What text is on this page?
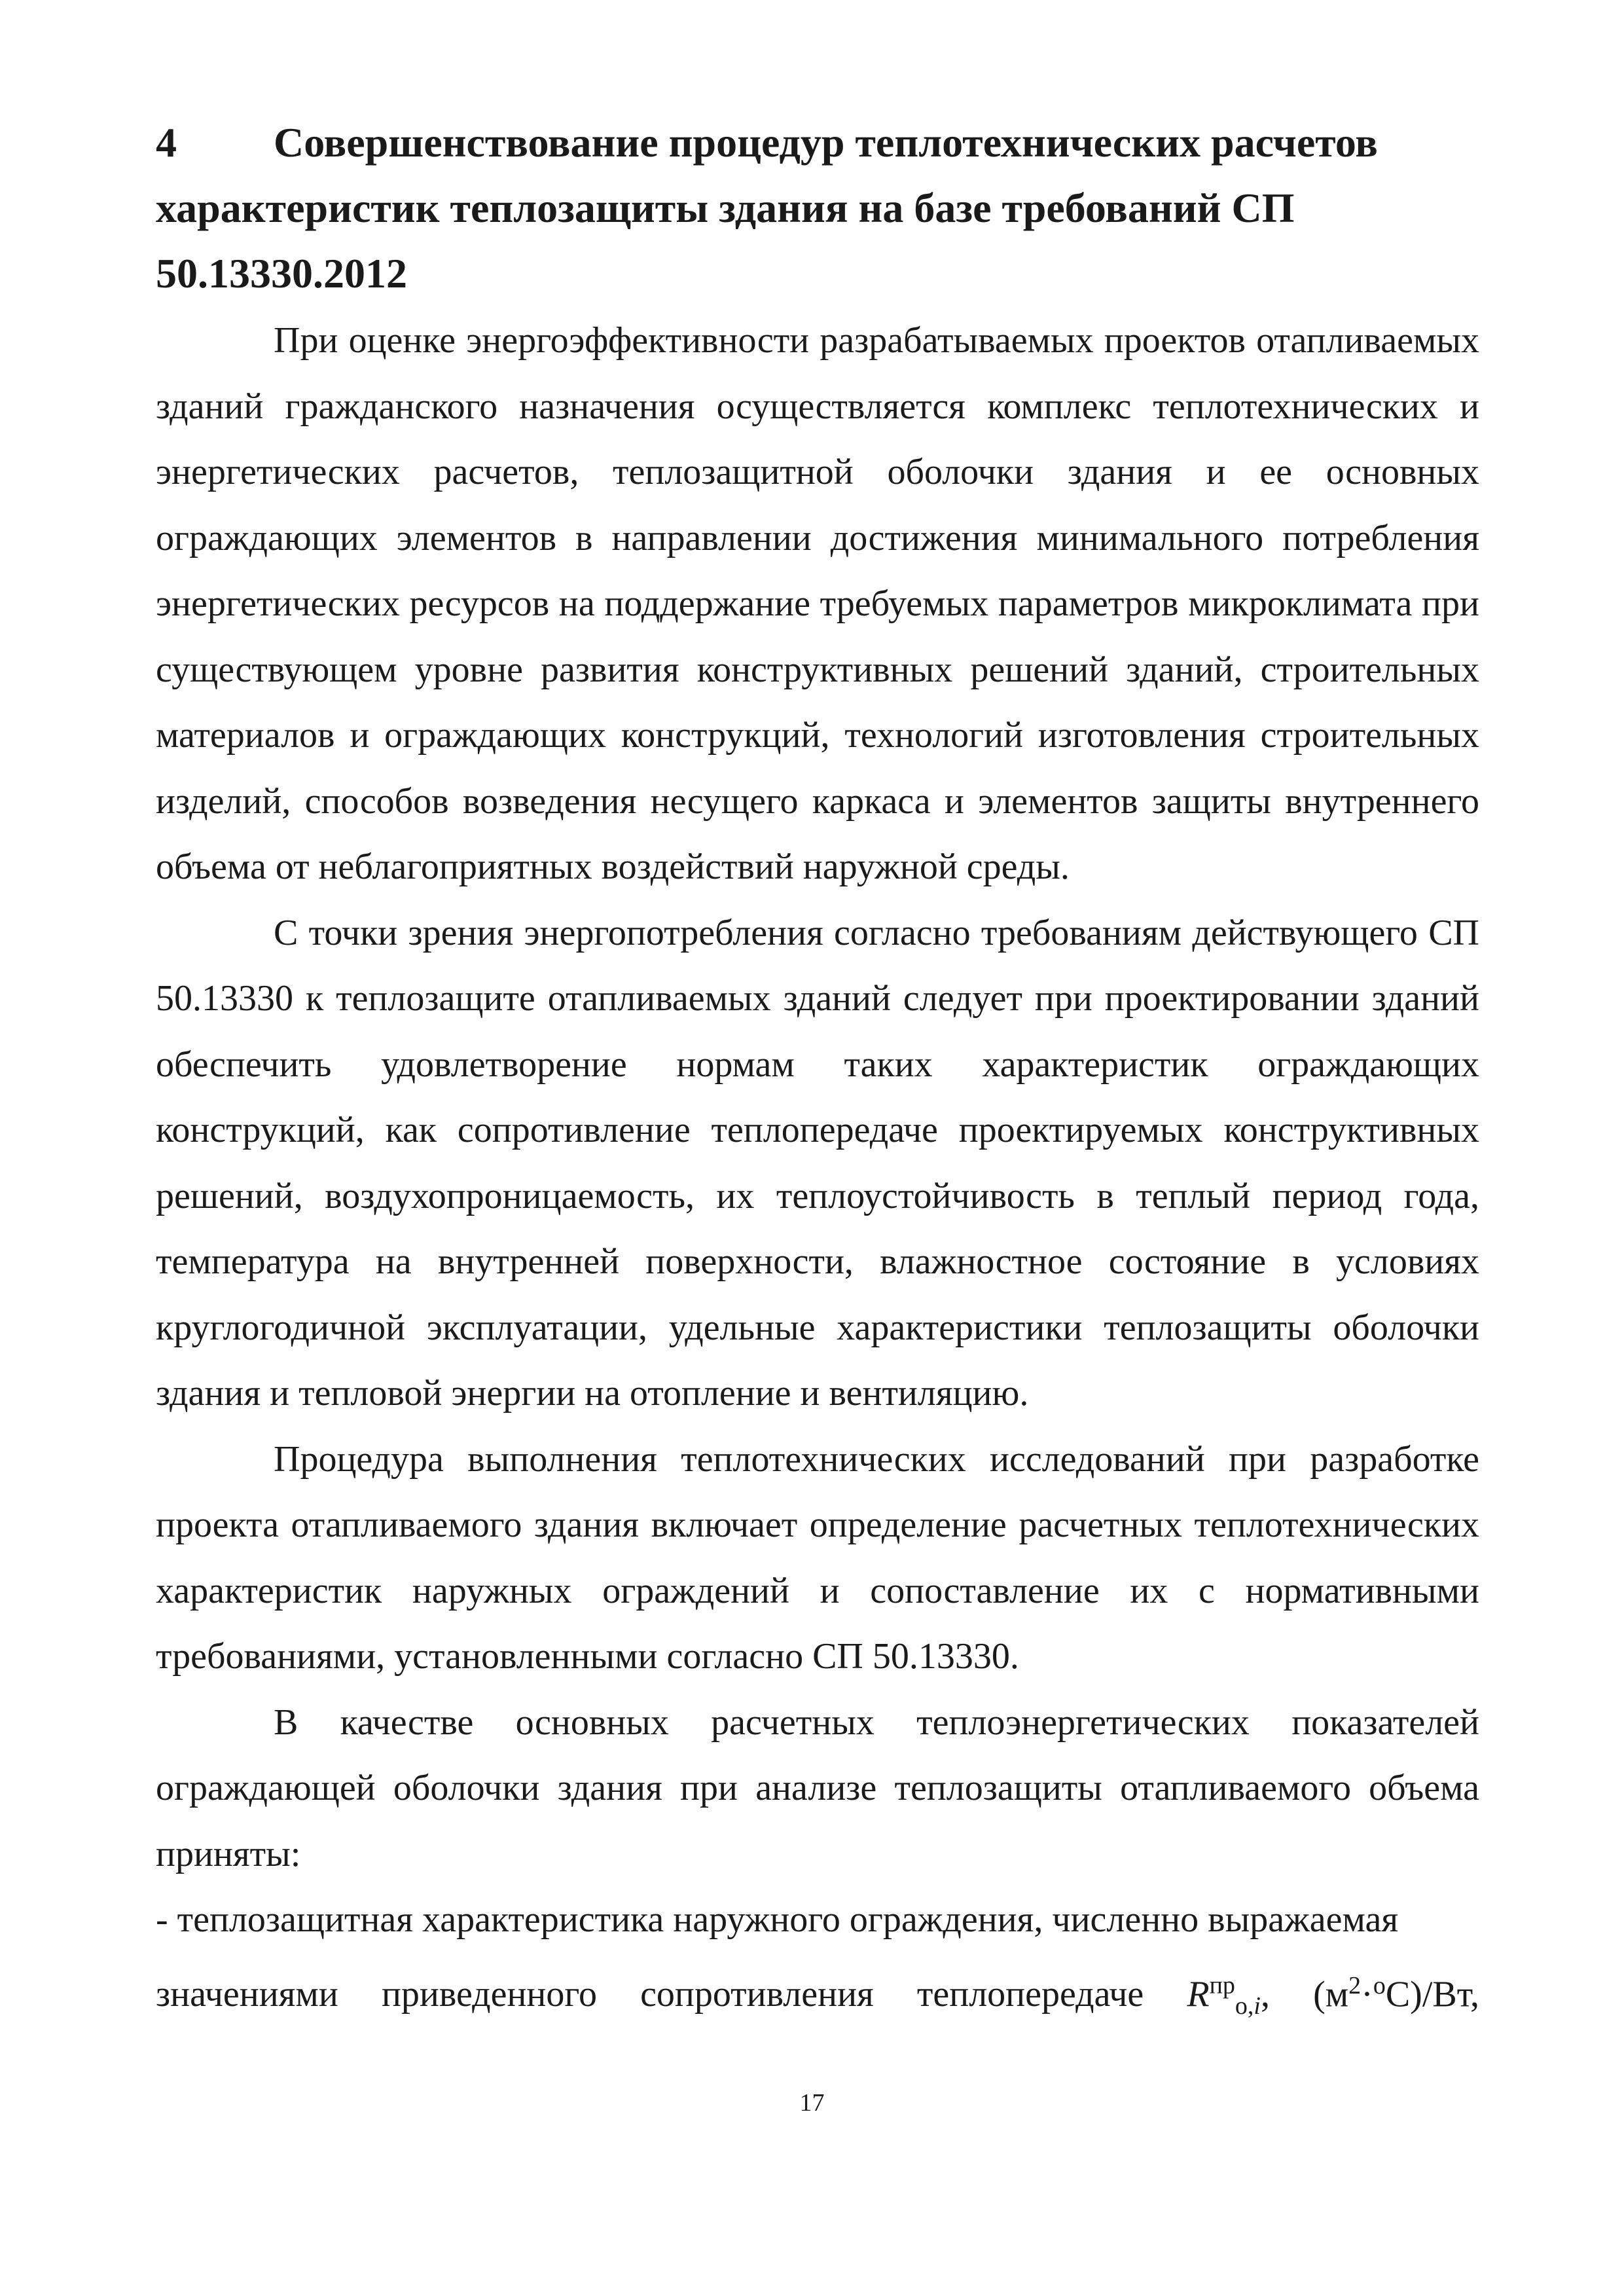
4 Совершенствование процедур теплотехнических расчетов характеристик теплозащиты здания на базе требований СП 50.13330.2012

При оценке энергоэффективности разрабатываемых проектов отапливаемых зданий гражданского назначения осуществляется комплекс теплотехнических и энергетических расчетов, теплозащитной оболочки здания и ее основных ограждающих элементов в направлении достижения минимального потребления энергетических ресурсов на поддержание требуемых параметров микроклимата при существующем уровне развития конструктивных решений зданий, строительных материалов и ограждающих конструкций, технологий изготовления строительных изделий, способов возведения несущего каркаса и элементов защиты внутреннего объема от неблагоприятных воздействий наружной среды.

С точки зрения энергопотребления согласно требованиям действующего СП 50.13330 к теплозащите отапливаемых зданий следует при проектировании зданий обеспечить удовлетворение нормам таких характеристик ограждающих конструкций, как сопротивление теплопередаче проектируемых конструктивных решений, воздухопроницаемость, их теплоустойчивость в теплый период года, температура на внутренней поверхности, влажностное состояние в условиях круглогодичной эксплуатации, удельные характеристики теплозащиты оболочки здания и тепловой энергии на отопление и вентиляцию.

Процедура выполнения теплотехнических исследований при разработке проекта отапливаемого здания включает определение расчетных теплотехнических характеристик наружных ограждений и сопоставление их с нормативными требованиями, установленными согласно СП 50.13330.

В качестве основных расчетных теплоэнергетических показателей ограждающей оболочки здания при анализе теплозащиты отапливаемого объема приняты:

- теплозащитная характеристика наружного ограждения, численно выражаемая

значениями приведенного сопротивления теплопередаче $R^{пр}_{о,i}$, $(м^2\cdot^оС)/Вт$,
17
